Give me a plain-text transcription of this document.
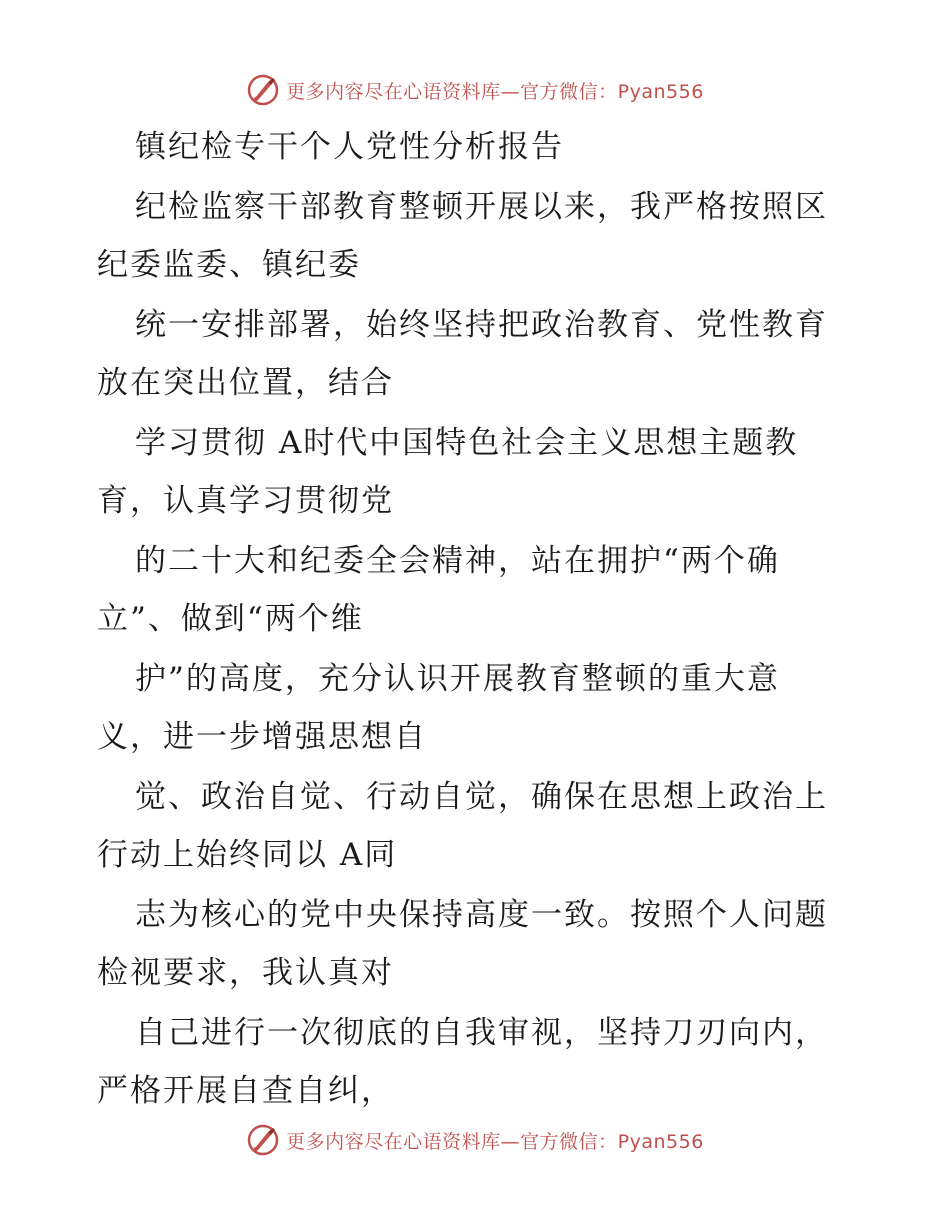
更多内容尽在心语资料库—官方微信：Pyan556
镇纪检专干个人党性分析报告
纪检监察干部教育整顿开展以来，我严格按照区
纪委监委、镇纪委
统一安排部署，始终坚持把政治教育、党性教育
放在突出位置，结合
学习贯彻 A时代中国特色社会主义思想主题教
育，认真学习贯彻党
的二十大和纪委全会精神，站在拥护“两个确
立”、做到“两个维
护”的高度，充分认识开展教育整顿的重大意
义，进一步增强思想自
觉、政治自觉、行动自觉，确保在思想上政治上
行动上始终同以 A同
志为核心的党中央保持高度一致。按照个人问题
检视要求，我认真对
自己进行一次彻底的自我审视，坚持刀刃向内，
严格开展自查自纠，
更多内容尽在心语资料库—官方微信：Pyan556
